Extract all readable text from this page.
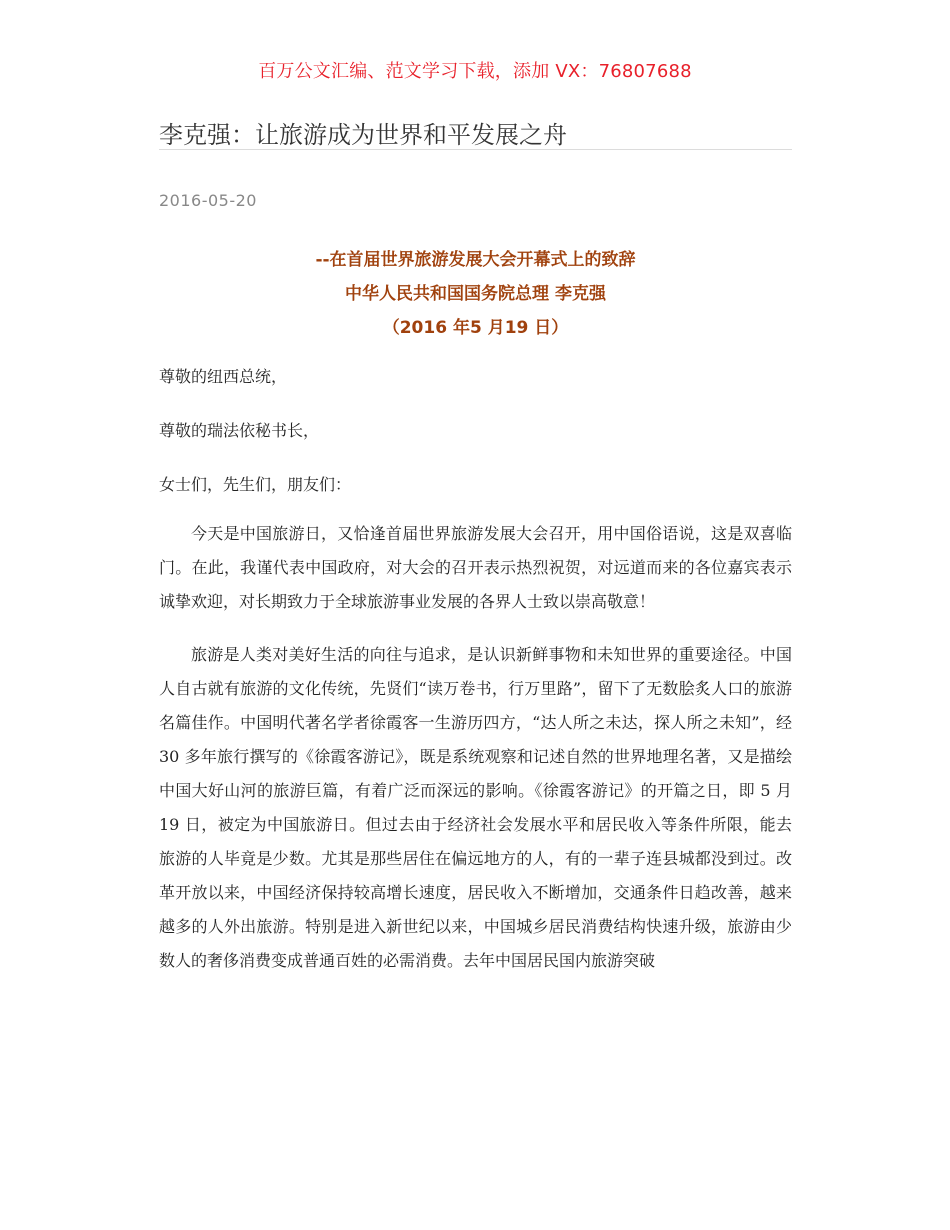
百万公文汇编、范文学习下载，添加 VX：76807688
李克强：让旅游成为世界和平发展之舟
2016-05-20
--在首届世界旅游发展大会开幕式上的致辞
中华人民共和国国务院总理 李克强
（2016 年5 月19 日）
尊敬的纽西总统，
尊敬的瑞法依秘书长，
女士们，先生们，朋友们：

今天是中国旅游日，又恰逢首届世界旅游发展大会召开，用中国俗语说，这是双喜临门。在此，我谨代表中国政府，对大会的召开表示热烈祝贺，对远道而来的各位嘉宾表示诚挚欢迎，对长期致力于全球旅游事业发展的各界人士致以崇高敬意！

旅游是人类对美好生活的向往与追求，是认识新鲜事物和未知世界的重要途径。中国人自古就有旅游的文化传统，先贤们“读万卷书，行万里路”，留下了无数脍炙人口的旅游名篇佳作。中国明代著名学者徐霞客一生游历四方，“达人所之未达，探人所之未知”，经 30 多年旅行撰写的《徐霞客游记》，既是系统观察和记述自然的世界地理名著，又是描绘中国大好山河的旅游巨篇，有着广泛而深远的影响。《徐霞客游记》的开篇之日，即 5 月 19 日，被定为中国旅游日。但过去由于经济社会发展水平和居民收入等条件所限，能去旅游的人毕竟是少数。尤其是那些居住在偏远地方的人，有的一辈子连县城都没到过。改革开放以来，中国经济保持较高增长速度，居民收入不断增加，交通条件日趋改善，越来越多的人外出旅游。特别是进入新世纪以来，中国城乡居民消费结构快速升级，旅游由少数人的奢侈消费变成普通百姓的必需消费。去年中国居民国内旅游突破
